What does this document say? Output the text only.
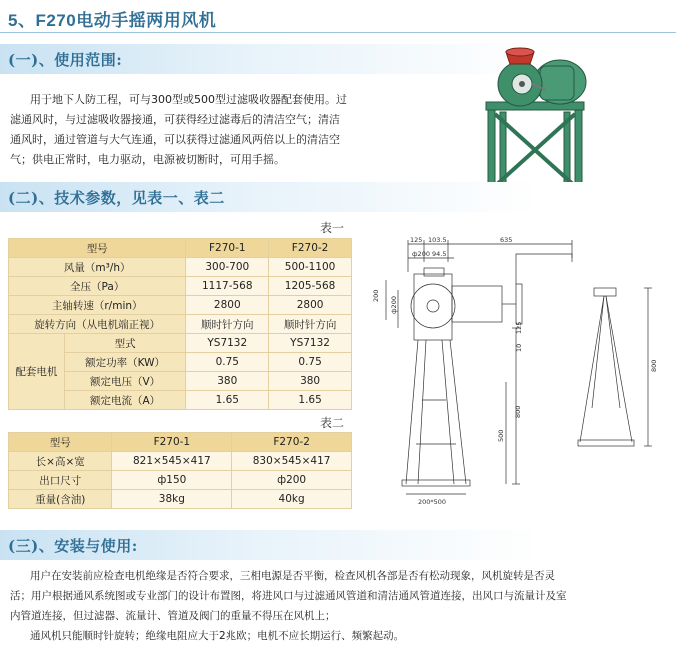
5、F270电动手摇两用风机
(一)、使用范围:

用于地下人防工程，可与300型或500型过滤吸收器配套使用。过

滤通风时，与过滤吸收器接通，可获得经过滤毒后的清洁空气；清洁

通风时，通过管道与大气连通，可以获得过滤通风两倍以上的清洁空

气；供电正常时，电力驱动，电源被切断时，可用手摇。

(二)、技术参数，见表一、表二
表一
型号		F270-1	F270-2
风量（m³/h）		300-700	500-1100
全压（Pa）		1117-568	1205-568
主轴转速（r/min）		2800	2800
旋转方向（从电机端正视）		顺时针方向	顺时针方向
配套电机	型式	YS7132	YS7132
	额定功率（KW）	0.75	0.75
	额定电压（V）	380	380
	额定电流（A）	1.65	1.65
表二
型号	F270-1	F270-2
长×高×宽	821×545×417	830×545×417
出口尺寸	ф150	ф200
重量(含油)	38kg	40kg
125 103.5	635
ф200 94.5
200
ф200
125
10
500
800
200*500
800
(三)、安装与使用:

用户在安装前应检查电机绝缘是否符合要求，三相电源是否平衡，检查风机各部是否有松动现象，风机旋转是否灵

活；用户根据通风系统图或专业部门的设计布置图，将进风口与过滤通风管道和清洁通风管道连接，出风口与流量计及室

内管道连接，但过滤器、流量计、管道及阀门的重量不得压在风机上；

通风机只能顺时针旋转；绝缘电阻应大于2兆欧；电机不应长期运行、频繁起动。
